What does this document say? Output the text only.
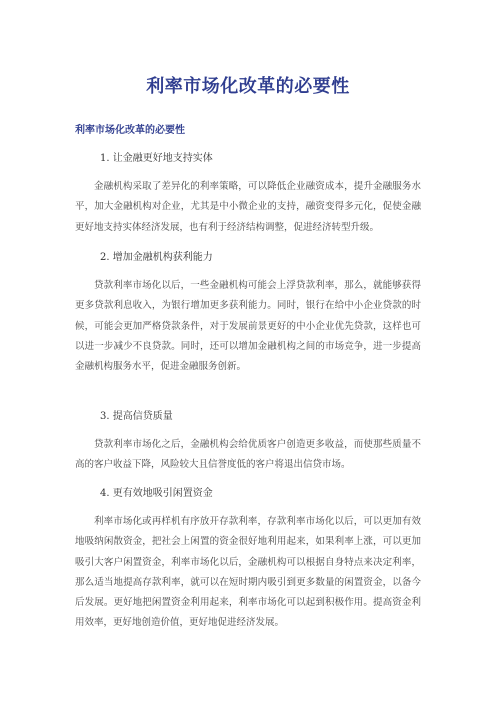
利率市场化改革的必要性
利率市场化改革的必要性
1. 让金融更好地支持实体
金融机构采取了差异化的利率策略，可以降低企业融资成本，提升金融服务水平，加大金融机构对企业，尤其是中小微企业的支持，融资变得多元化，促使金融更好地支持实体经济发展，也有利于经济结构调整，促进经济转型升级。
2. 增加金融机构获利能力
贷款利率市场化以后，一些金融机构可能会上浮贷款利率，那么，就能够获得更多贷款利息收入，为银行增加更多获利能力。同时，银行在给中小企业贷款的时候，可能会更加严格贷款条件，对于发展前景更好的中小企业优先贷款，这样也可以进一步减少不良贷款。同时，还可以增加金融机构之间的市场竞争，进一步提高金融机构服务水平，促进金融服务创新。
3. 提高信贷质量
贷款利率市场化之后，金融机构会给优质客户创造更多收益，而使那些质量不高的客户收益下降，风险较大且信誉度低的客户将退出信贷市场。
4. 更有效地吸引闲置资金
利率市场化或再样机有序放开存款利率，存款利率市场化以后，可以更加有效地吸纳闲散资金，把社会上闲置的资金很好地利用起来，如果利率上涨，可以更加吸引大客户闲置资金，利率市场化以后，金融机构可以根据自身特点来决定利率，那么适当地提高存款利率，就可以在短时期内吸引到更多数量的闲置资金，以备今后发展。更好地把闲置资金利用起来，利率市场化可以起到积极作用。提高资金利用效率，更好地创造价值，更好地促进经济发展。
